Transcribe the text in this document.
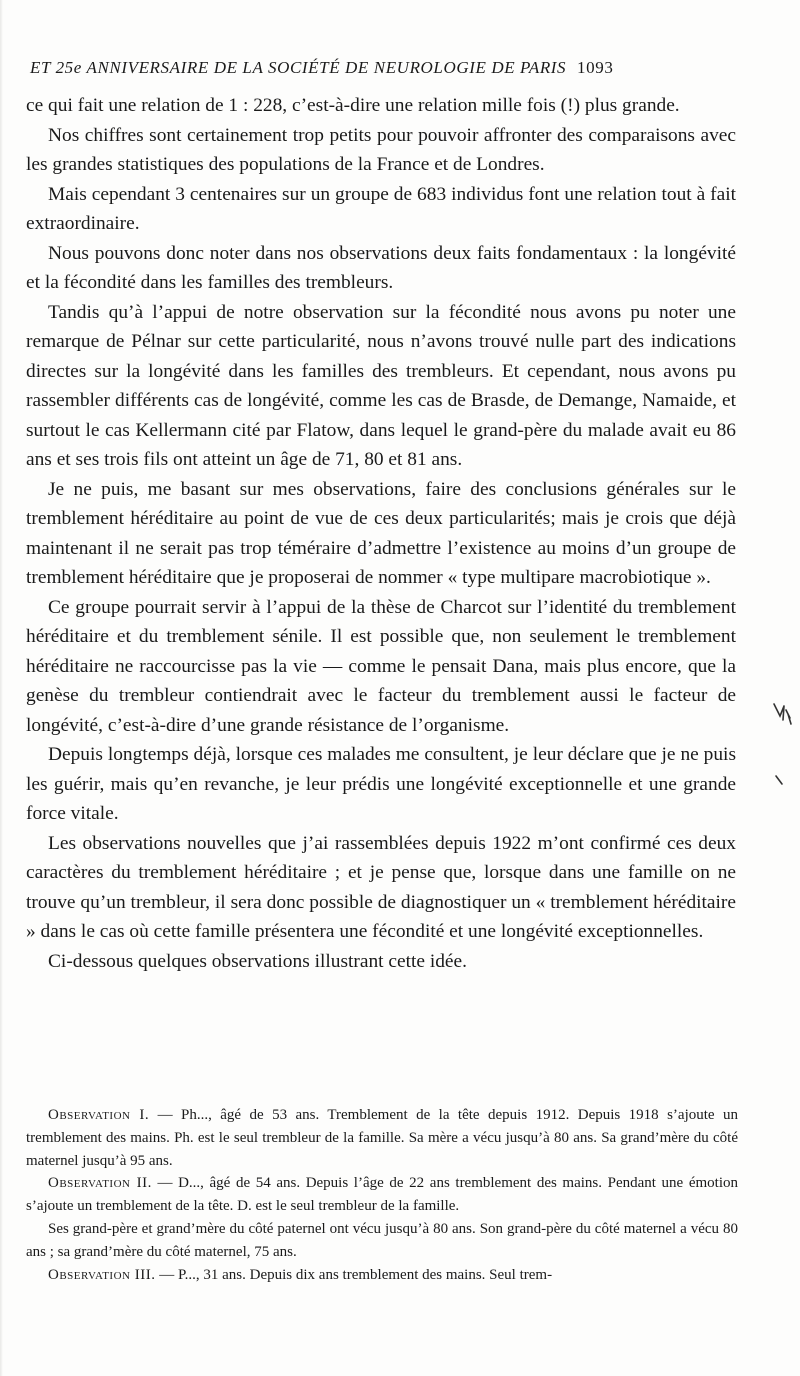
ET 25e ANNIVERSAIRE DE LA SOCIÉTÉ DE NEUROLOGIE DE PARIS 1093

ce qui fait une relation de 1 : 228, c’est-à-dire une relation mille fois (!) plus grande.

Nos chiffres sont certainement trop petits pour pouvoir affronter des comparaisons avec les grandes statistiques des populations de la France et de Londres.

Mais cependant 3 centenaires sur un groupe de 683 individus font une relation tout à fait extraordinaire.

Nous pouvons donc noter dans nos observations deux faits fondamentaux : la longévité et la fécondité dans les familles des trembleurs.

Tandis qu’à l’appui de notre observation sur la fécondité nous avons pu noter une remarque de Pélnar sur cette particularité, nous n’avons trouvé nulle part des indications directes sur la longévité dans les familles des trembleurs. Et cependant, nous avons pu rassembler différents cas de longévité, comme les cas de Brasde, de Demange, Namaide, et surtout le cas Kellermann cité par Flatow, dans lequel le grand-père du malade avait eu 86 ans et ses trois fils ont atteint un âge de 71, 80 et 81 ans.

Je ne puis, me basant sur mes observations, faire des conclusions générales sur le tremblement héréditaire au point de vue de ces deux particularités; mais je crois que déjà maintenant il ne serait pas trop téméraire d’admettre l’existence au moins d’un groupe de tremblement héréditaire que je proposerai de nommer « type multipare macrobiotique ».

Ce groupe pourrait servir à l’appui de la thèse de Charcot sur l’identité du tremblement héréditaire et du tremblement sénile. Il est possible que, non seulement le tremblement héréditaire ne raccourcisse pas la vie — comme le pensait Dana, mais plus encore, que la genèse du trembleur contiendrait avec le facteur du tremblement aussi le facteur de longévité, c’est-à-dire d’une grande résistance de l’organisme.

Depuis longtemps déjà, lorsque ces malades me consultent, je leur déclare que je ne puis les guérir, mais qu’en revanche, je leur prédis une longévité exceptionnelle et une grande force vitale.

Les observations nouvelles que j’ai rassemblées depuis 1922 m’ont confirmé ces deux caractères du tremblement héréditaire ; et je pense que, lorsque dans une famille on ne trouve qu’un trembleur, il sera donc possible de diagnostiquer un « tremblement héréditaire » dans le cas où cette famille présentera une fécondité et une longévité exceptionnelles.

Ci-dessous quelques observations illustrant cette idée.

Observation I. — Ph..., âgé de 53 ans. Tremblement de la tête depuis 1912. Depuis 1918 s’ajoute un tremblement des mains. Ph. est le seul trembleur de la famille. Sa mère a vécu jusqu’à 80 ans. Sa grand’mère du côté maternel jusqu’à 95 ans.

Observation II. — D..., âgé de 54 ans. Depuis l’âge de 22 ans tremblement des mains. Pendant une émotion s’ajoute un tremblement de la tête. D. est le seul trembleur de la famille.

Ses grand-père et grand’mère du côté paternel ont vécu jusqu’à 80 ans. Son grand-père du côté maternel a vécu 80 ans ; sa grand’mère du côté maternel, 75 ans.

Observation III. — P..., 31 ans. Depuis dix ans tremblement des mains. Seul trem-
